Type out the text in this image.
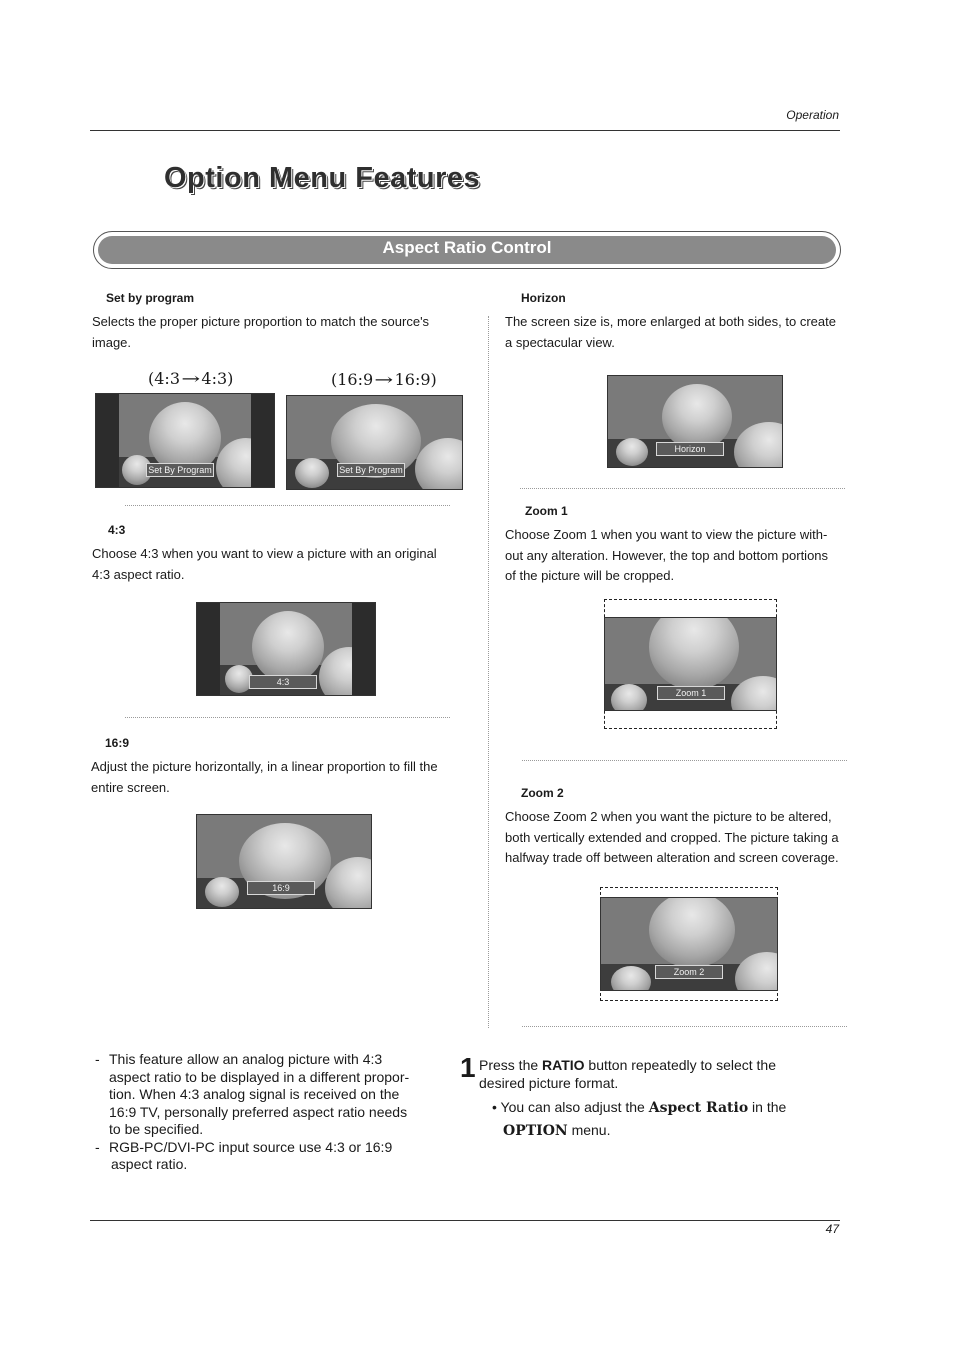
Operation
Option Menu Features
Aspect Ratio Control
Set by program
Selects the proper picture proportion to match the source's
image.
(4:3→4:3)	(16:9→16:9)
Set By Program	Set By Program
4:3
Choose 4:3 when you want to view a picture with an original
4:3 aspect ratio.
4:3
16:9
Adjust the picture horizontally, in a linear proportion to fill the
entire screen.
16:9
Horizon
The screen size is, more enlarged at both sides, to create
a spectacular view.
Horizon
Zoom 1
Choose Zoom 1 when you want to view the picture with-
out any alteration. However, the top and bottom portions
of the picture will be cropped.
Zoom 1
Zoom 2
Choose Zoom 2 when you want the picture to be altered,
both vertically extended and cropped. The picture taking a
halfway trade off between alteration and screen coverage.
Zoom 2
- This feature allow an analog picture with 4:3
aspect ratio to be displayed in a different propor-
tion. When 4:3 analog signal is received on the
16:9 TV, personally preferred aspect ratio needs
to be specified.
- RGB-PC/DVI-PC input source use 4:3 or 16:9
aspect ratio.
1 Press the RATIO button repeatedly to select the
desired picture format.
• You can also adjust the Aspect Ratio in the
OPTION menu.
47
